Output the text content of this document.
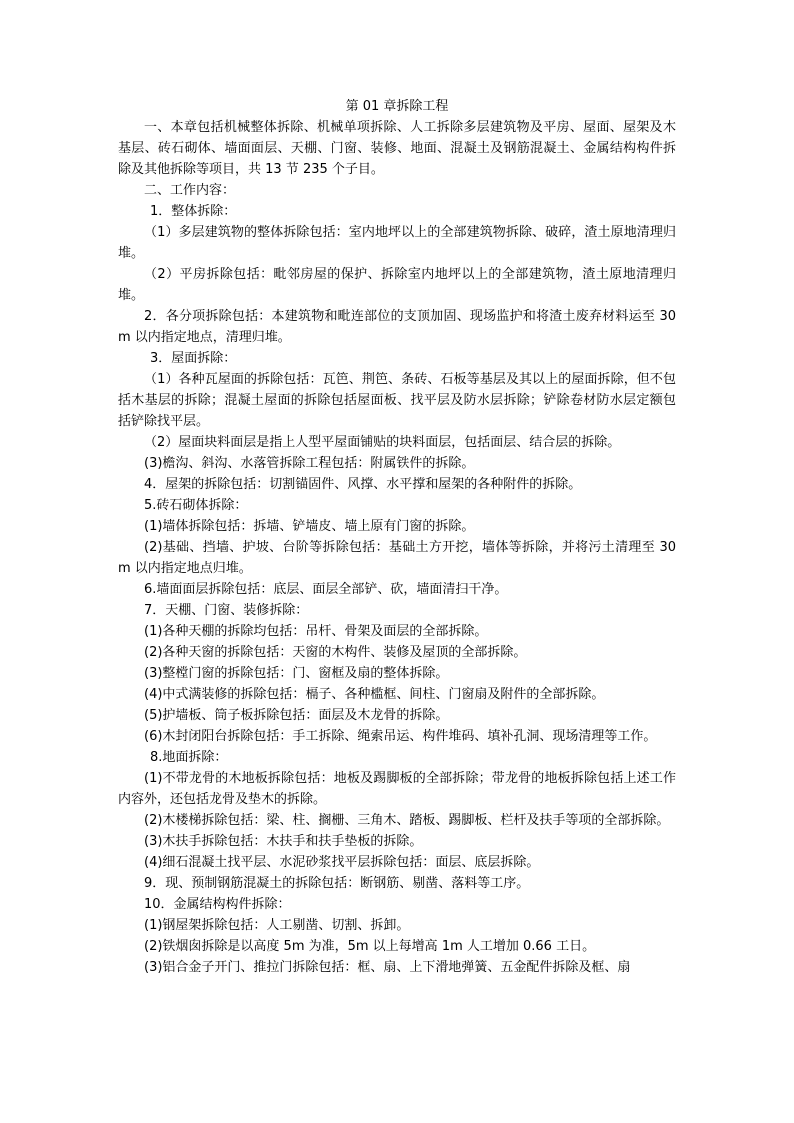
第 01 章拆除工程

一、本章包括机械整体拆除、机械单项拆除、人工拆除多层建筑物及平房、屋面、屋架及木基层、砖石砌体、墙面面层、天棚、门窗、装修、地面、混凝土及钢筋混凝土、金属结构构件拆除及其他拆除等项目，共 13 节 235 个子目。

二、工作内容：

1．整体拆除：

（1）多层建筑物的整体拆除包括：室内地坪以上的全部建筑物拆除、破碎，渣土原地清理归堆。

（2）平房拆除包括：毗邻房屋的保护、拆除室内地坪以上的全部建筑物，渣土原地清理归堆。

2．各分项拆除包括：本建筑物和毗连部位的支顶加固、现场监护和将渣土废弃材料运至 30m 以内指定地点，清理归堆。

3．屋面拆除：

（1）各种瓦屋面的拆除包括：瓦笆、荆笆、条砖、石板等基层及其以上的屋面拆除，但不包括木基层的拆除；混凝土屋面的拆除包括屋面板、找平层及防水层拆除；铲除卷材防水层定额包括铲除找平层。

（2）屋面块料面层是指上人型平屋面铺贴的块料面层，包括面层、结合层的拆除。

(3)檐沟、斜沟、水落管拆除工程包括：附属铁件的拆除。

4．屋架的拆除包括：切割锚固件、风撑、水平撑和屋架的各种附件的拆除。

5.砖石砌体拆除：

(1)墙体拆除包括：拆墙、铲墙皮、墙上原有门窗的拆除。

(2)基础、挡墙、护坡、台阶等拆除包括：基础土方开挖，墙体等拆除，并将污土清理至 30m 以内指定地点归堆。

6.墙面面层拆除包括：底层、面层全部铲、砍，墙面清扫干净。

7．天棚、门窗、装修拆除：

(1)各种天棚的拆除均包括：吊杆、骨架及面层的全部拆除。

(2)各种天窗的拆除包括：天窗的木构件、装修及屋顶的全部拆除。

(3)整樘门窗的拆除包括：门、窗框及扇的整体拆除。

(4)中式满装修的拆除包括：槅子、各种槛框、间柱、门窗扇及附件的全部拆除。

(5)护墙板、筒子板拆除包括：面层及木龙骨的拆除。

(6)木封闭阳台拆除包括：手工拆除、绳索吊运、构件堆码、填补孔洞、现场清理等工作。

8.地面拆除：

(1)不带龙骨的木地板拆除包括：地板及踢脚板的全部拆除；带龙骨的地板拆除包括上述工作内容外，还包括龙骨及垫木的拆除。

(2)木楼梯拆除包括：梁、柱、搁栅、三角木、踏板、踢脚板、栏杆及扶手等项的全部拆除。

(3)木扶手拆除包括：木扶手和扶手垫板的拆除。

(4)细石混凝土找平层、水泥砂浆找平层拆除包括：面层、底层拆除。

9．现、预制钢筋混凝土的拆除包括：断钢筋、剔凿、落料等工序。

10．金属结构构件拆除：

(1)钢屋架拆除包括：人工剔凿、切割、拆卸。

(2)铁烟囱拆除是以高度 5m 为准，5m 以上每增高 1m 人工增加 0.66 工日。

(3)铝合金子开门、推拉门拆除包括：框、扇、上下滑地弹簧、五金配件拆除及框、扇
